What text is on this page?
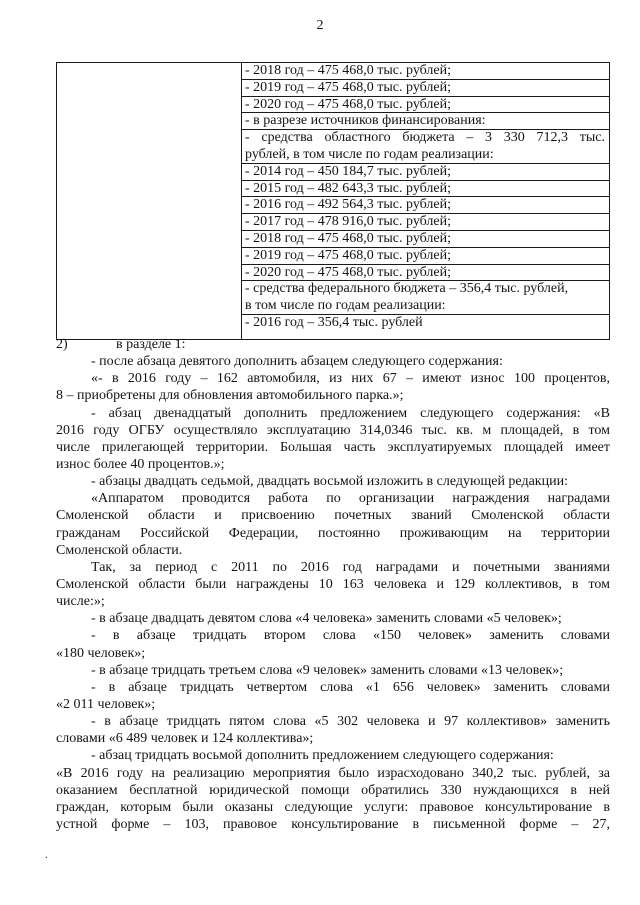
2
- 2018 год – 475 468,0 тыс. рублей;
- 2019 год – 475 468,0 тыс. рублей;
- 2020 год – 475 468,0 тыс. рублей;
- в разрезе источников финансирования:
- средства областного бюджета – 3 330 712,3 тыс.
рублей, в том числе по годам реализации:
- 2014 год – 450 184,7 тыс. рублей;
- 2015 год – 482 643,3 тыс. рублей;
- 2016 год – 492 564,3 тыс. рублей;
- 2017 год – 478 916,0 тыс. рублей;
- 2018 год – 475 468,0 тыс. рублей;
- 2019 год – 475 468,0 тыс. рублей;
- 2020 год – 475 468,0 тыс. рублей;
- средства федерального бюджета – 356,4 тыс. рублей,
в том числе по годам реализации:
- 2016 год – 356,4 тыс. рублей
2)	в разделе 1:
- после абзаца девятого дополнить абзацем следующего содержания:
«- в 2016 году – 162 автомобиля, из них 67 – имеют износ 100 процентов,
8 – приобретены для обновления автомобильного парка.»;
- абзац двенадцатый дополнить предложением следующего содержания: «В
2016 году ОГБУ осуществляло эксплуатацию 314,0346 тыс. кв. м площадей, в том
числе прилегающей территории. Большая часть эксплуатируемых площадей имеет
износ более 40 процентов.»;
- абзацы двадцать седьмой, двадцать восьмой изложить в следующей редакции:
«Аппаратом проводится работа по организации награждения наградами
Смоленской области и присвоению почетных званий Смоленской области
гражданам Российской Федерации, постоянно проживающим на территории
Смоленской области.
Так, за период с 2011 по 2016 год наградами и почетными званиями
Смоленской области были награждены 10 163 человека и 129 коллективов, в том
числе:»;
- в абзаце двадцать девятом слова «4 человека» заменить словами «5 человек»;
- в абзаце тридцать втором слова «150 человек» заменить словами
«180 человек»;
- в абзаце тридцать третьем слова «9 человек» заменить словами «13 человек»;
- в абзаце тридцать четвертом слова «1 656 человек» заменить словами
«2 011 человек»;
- в абзаце тридцать пятом слова «5 302 человека и 97 коллективов» заменить
словами «6 489 человек и 124 коллектива»;
- абзац тридцать восьмой дополнить предложением следующего содержания:
«В 2016 году на реализацию мероприятия было израсходовано 340,2 тыс. рублей, за
оказанием бесплатной юридической помощи обратились 330 нуждающихся в ней
граждан, которым были оказаны следующие услуги: правовое консультирование в
устной форме – 103, правовое консультирование в письменной форме – 27,
.
